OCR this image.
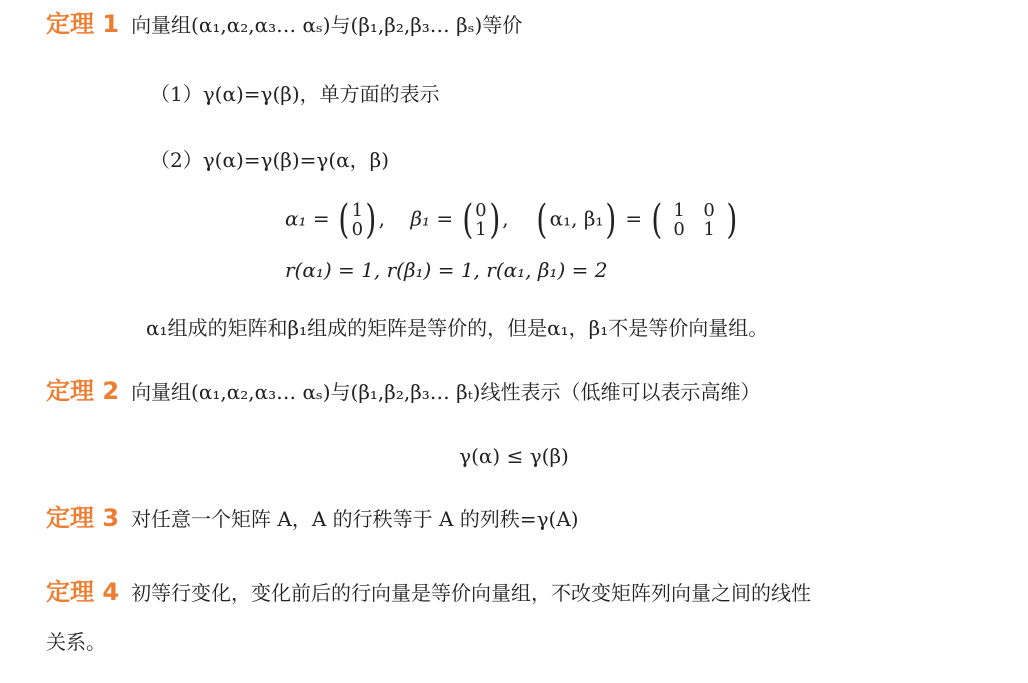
定理 1 向量组(α₁,α₂,α₃… αₛ)与(β₁,β₂,β₃… βₛ)等价
（1）γ(α)=γ(β)，单方面的表示
（2）γ(α)=γ(β)=γ(α，β)
α₁ = ( 1
0) ,    β₁ = ( 0
1) ,    ( α₁, β₁) = ( 1	0
0	1 )
r(α₁) = 1, r(β₁) = 1, r(α₁, β₁) = 2
α₁组成的矩阵和β₁组成的矩阵是等价的，但是α₁，β₁不是等价向量组。
定理 2 向量组(α₁,α₂,α₃… αₛ)与(β₁,β₂,β₃… βₜ)线性表示（低维可以表示高维）
γ(α) ≤ γ(β)
定理 3 对任意一个矩阵 A，A 的行秩等于 A 的列秩=γ(A)
定理 4 初等行变化，变化前后的行向量是等价向量组，不改变矩阵列向量之间的线性
关系。
